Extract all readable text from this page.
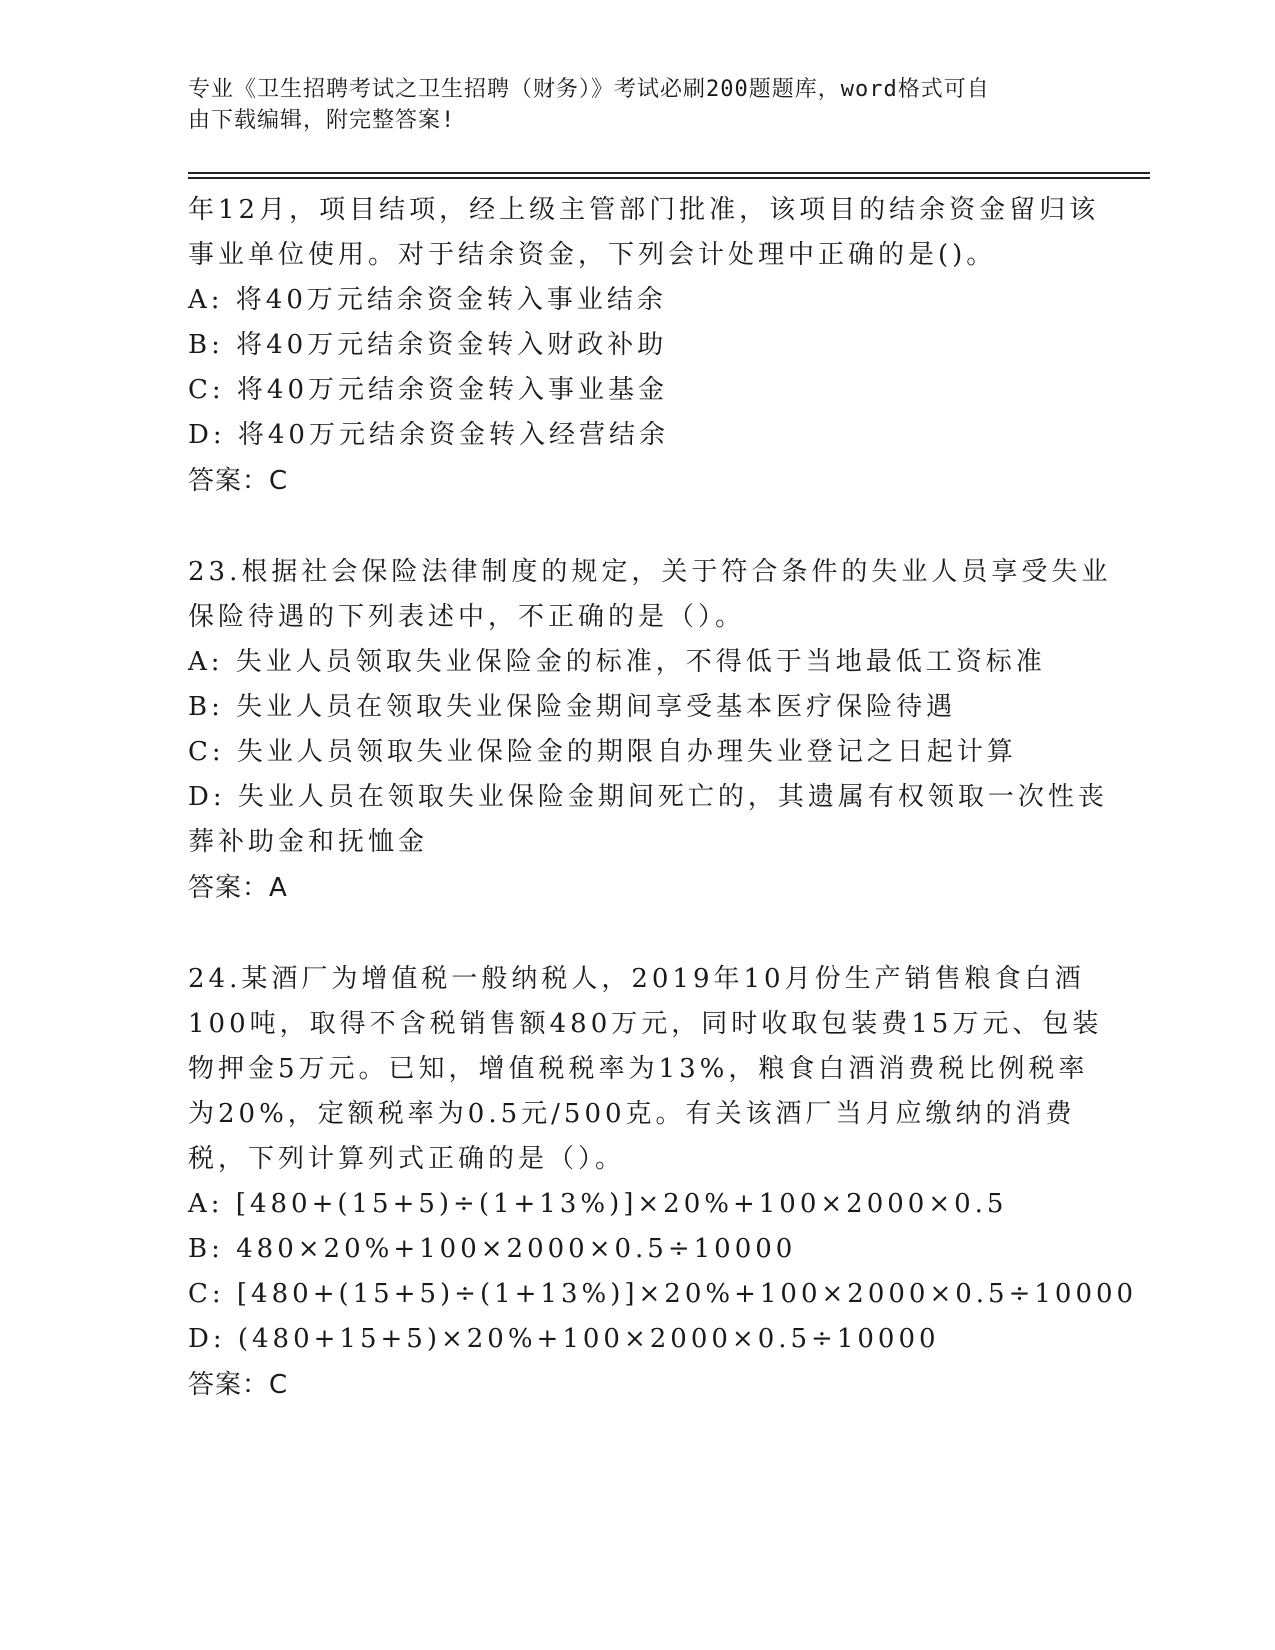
专业《卫生招聘考试之卫生招聘（财务）》考试必刷200题题库，word格式可自
由下载编辑，附完整答案!
年12月，项目结项，经上级主管部门批准，该项目的结余资金留归该
事业单位使用。对于结余资金，下列会计处理中正确的是()。
A: 将40万元结余资金转入事业结余
B: 将40万元结余资金转入财政补助
C: 将40万元结余资金转入事业基金
D: 将40万元结余资金转入经营结余
答案：C
23.根据社会保险法律制度的规定，关于符合条件的失业人员享受失业
保险待遇的下列表述中，不正确的是（）。
A: 失业人员领取失业保险金的标准，不得低于当地最低工资标准
B: 失业人员在领取失业保险金期间享受基本医疗保险待遇
C: 失业人员领取失业保险金的期限自办理失业登记之日起计算
D: 失业人员在领取失业保险金期间死亡的，其遗属有权领取一次性丧
葬补助金和抚恤金
答案：A
24.某酒厂为增值税一般纳税人，2019年10月份生产销售粮食白酒
100吨，取得不含税销售额480万元，同时收取包装费15万元、包装
物押金5万元。已知，增值税税率为13%，粮食白酒消费税比例税率
为20%，定额税率为0.5元/500克。有关该酒厂当月应缴纳的消费
税，下列计算列式正确的是（）。
A: [480+(15+5)÷(1+13%)]×20%+100×2000×0.5
B: 480×20%+100×2000×0.5÷10000
C: [480+(15+5)÷(1+13%)]×20%+100×2000×0.5÷10000
D: (480+15+5)×20%+100×2000×0.5÷10000
答案：C
